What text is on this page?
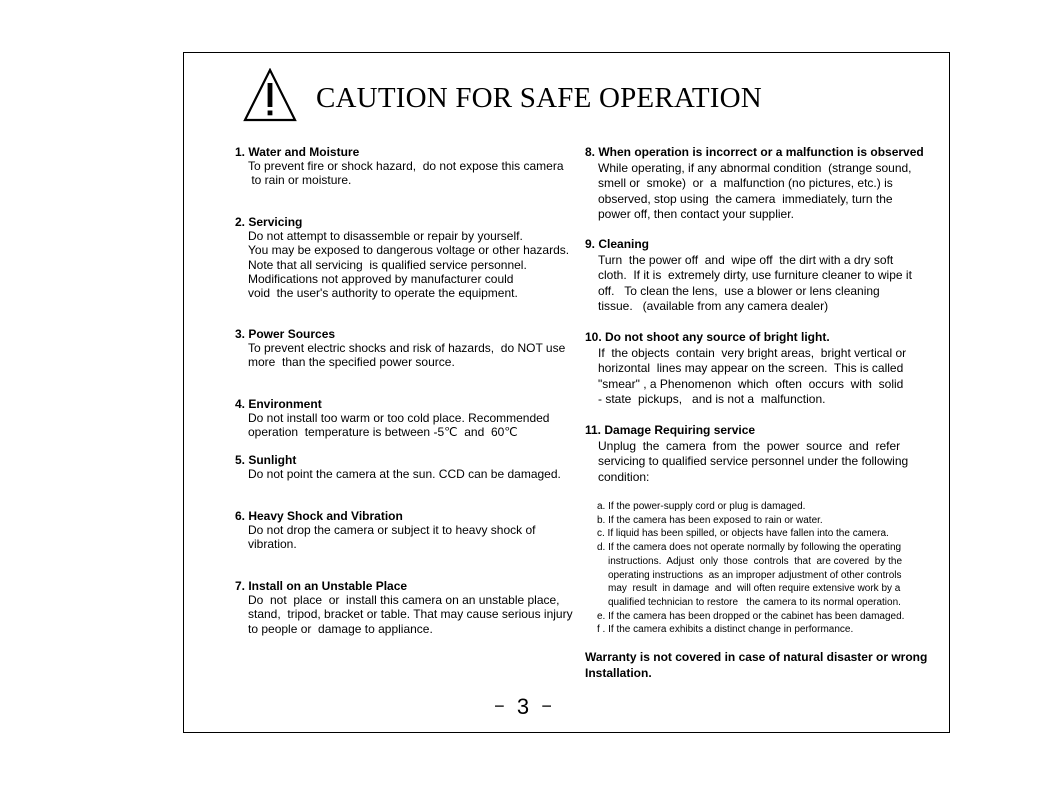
CAUTION FOR SAFE OPERATION
1. Water and Moisture
To prevent fire or shock hazard,  do not expose this camera
to rain or moisture.
2. Servicing
Do not attempt to disassemble or repair by yourself.
You may be exposed to dangerous voltage or other hazards.
Note that all servicing  is qualified service personnel.
Modifications not approved by manufacturer could
void  the user's authority to operate the equipment.
3. Power Sources
To prevent electric shocks and risk of hazards,  do NOT use
more  than the specified power source.
4. Environment
Do not install too warm or too cold place. Recommended
operation  temperature is between -5℃  and  60℃
5. Sunlight
Do not point the camera at the sun. CCD can be damaged.
6. Heavy Shock and Vibration
Do not drop the camera or subject it to heavy shock of
vibration.
7. Install on an Unstable Place
Do  not  place  or  install this camera on an unstable place,
stand,  tripod, bracket or table. That may cause serious injury
to people or  damage to appliance.
8. When operation is incorrect or a malfunction is observed
While operating, if any abnormal condition  (strange sound,
smell or  smoke)  or  a  malfunction (no pictures, etc.) is
observed, stop using  the camera  immediately, turn the
power off, then contact your supplier.
9. Cleaning
Turn  the power off  and  wipe off  the dirt with a dry soft
cloth.  If it is  extremely dirty, use furniture cleaner to wipe it
off.   To clean the lens,  use a blower or lens cleaning
tissue.   (available from any camera dealer)
10. Do not shoot any source of bright light.
If  the objects  contain  very bright areas,  bright vertical or
horizontal  lines may appear on the screen.  This is called
"smear" , a Phenomenon  which  often  occurs  with  solid
- state  pickups,   and is not a  malfunction.
11. Damage Requiring service
Unplug  the  camera  from  the  power  source  and  refer
servicing to qualified service personnel under the following
condition:
a. If the power-supply cord or plug is damaged.
b. If the camera has been exposed to rain or water.
c. If liquid has been spilled, or objects have fallen into the camera.
d. If the camera does not operate normally by following the operating
instructions.  Adjust  only  those  controls  that  are covered  by the
operating instructions  as an improper adjustment of other controls
may  result  in damage  and  will often require extensive work by a
qualified technician to restore   the camera to its normal operation.
e. If the camera has been dropped or the cabinet has been damaged.
f . If the camera exhibits a distinct change in performance.
Warranty is not covered in case of natural disaster or wrong
Installation.
− 3 −
